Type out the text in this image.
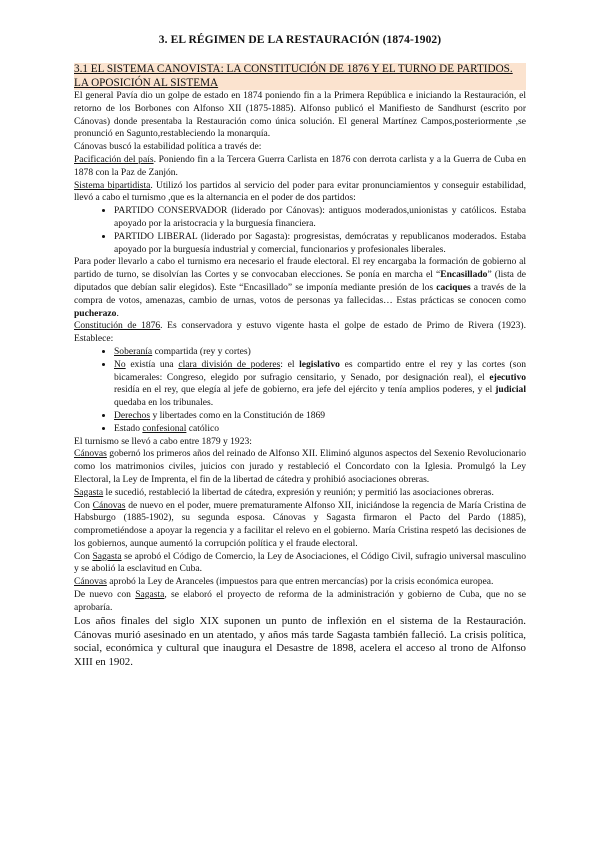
3. EL RÉGIMEN DE LA RESTAURACIÓN (1874-1902)
3.1 EL SISTEMA CANOVISTA: LA CONSTITUCIÓN DE 1876 Y EL TURNO DE PARTIDOS. LA OPOSICIÓN AL SISTEMA

El general Pavía dio un golpe de estado en 1874 poniendo fin a la Primera República e iniciando la Restauración, el retorno de los Borbones con Alfonso XII (1875-1885). Alfonso publicó el Manifiesto de Sandhurst (escrito por Cánovas) donde presentaba la Restauración como única solución. El general Martínez Campos,posteriormente ,se pronunció en Sagunto,restableciendo la monarquía.

Cánovas buscó la estabilidad política a través de:

Pacificación del país. Poniendo fin a la Tercera Guerra Carlista en 1876 con derrota carlista y a la Guerra de Cuba en 1878 con la Paz de Zanjón.

Sistema bipartidista. Utilizó los partidos al servicio del poder para evitar pronunciamientos y conseguir estabilidad, llevó a cabo el turnismo ,que es la alternancia en el poder de dos partidos:

• PARTIDO CONSERVADOR (liderado por Cánovas): antiguos moderados,unionistas y católicos. Estaba apoyado por la aristocracia y la burguesía financiera.
• PARTIDO LIBERAL (liderado por Sagasta): progresistas, demócratas y republicanos moderados. Estaba apoyado por la burguesía industrial y comercial, funcionarios y profesionales liberales.

Para poder llevarlo a cabo el turnismo era necesario el fraude electoral. El rey encargaba la formación de gobierno al partido de turno, se disolvían las Cortes y se convocaban elecciones. Se ponía en marcha el “Encasillado” (lista de diputados que debían salir elegidos). Este “Encasillado” se imponía mediante presión de los caciques a través de la compra de votos, amenazas, cambio de urnas, votos de personas ya fallecidas… Estas prácticas se conocen como pucherazo.

Constitución de 1876. Es conservadora y estuvo vigente hasta el golpe de estado de Primo de Rivera (1923). Establece:

• Soberanía compartida (rey y cortes)
• No existía una clara división de poderes: el legislativo es compartido entre el rey y las cortes (son bicamerales: Congreso, elegido por sufragio censitario, y Senado, por designación real), el ejecutivo residía en el rey, que elegía al jefe de gobierno, era jefe del ejército y tenía amplios poderes, y el judicial quedaba en los tribunales.
• Derechos y libertades como en la Constitución de 1869
• Estado confesional católico

El turnismo se llevó a cabo entre 1879 y 1923:

Cánovas gobernó los primeros años del reinado de Alfonso XII. Eliminó algunos aspectos del Sexenio Revolucionario como los matrimonios civiles, juicios con jurado y restableció el Concordato con la Iglesia. Promulgó la Ley Electoral, la Ley de Imprenta, el fin de la libertad de cátedra y prohibió asociaciones obreras.

Sagasta le sucedió, restableció la libertad de cátedra, expresión y reunión; y permitió las asociaciones obreras.

Con Cánovas de nuevo en el poder, muere prematuramente Alfonso XII, iniciándose la regencia de María Cristina de Habsburgo (1885-1902), su segunda esposa. Cánovas y Sagasta firmaron el Pacto del Pardo (1885), comprometiéndose a apoyar la regencia y a facilitar el relevo en el gobierno. María Cristina respetó las decisiones de los gobiernos, aunque aumentó la corrupción política y el fraude electoral.

Con Sagasta se aprobó el Código de Comercio, la Ley de Asociaciones, el Código Civil, sufragio universal masculino y se abolió la esclavitud en Cuba.

Cánovas aprobó la Ley de Aranceles (impuestos para que entren mercancías) por la crisis económica europea.

De nuevo con Sagasta, se elaboró el proyecto de reforma de la administración y gobierno de Cuba, que no se aprobaría.

Los años finales del siglo XIX suponen un punto de inflexión en el sistema de la Restauración. Cánovas murió asesinado en un atentado, y años más tarde Sagasta también falleció. La crisis política, social, económica y cultural que inaugura el Desastre de 1898, acelera el acceso al trono de Alfonso XIII en 1902.
